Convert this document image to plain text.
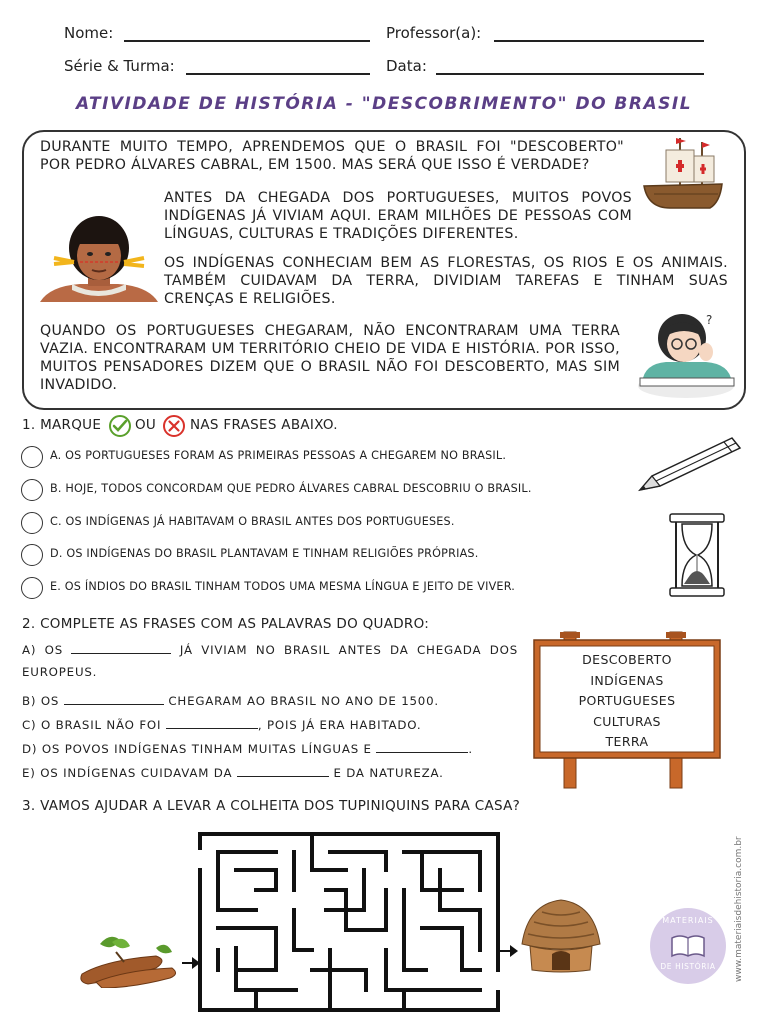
Nome:	Professor(a):
Série & Turma:	Data:
ATIVIDADE DE HISTÓRIA - "DESCOBRIMENTO" DO BRASIL
DURANTE MUITO TEMPO, APRENDEMOS QUE O BRASIL FOI "DESCOBERTO" POR PEDRO ÁLVARES CABRAL, EM 1500. MAS SERÁ QUE ISSO É VERDADE?
ANTES DA CHEGADA DOS PORTUGUESES, MUITOS POVOS INDÍGENAS JÁ VIVIAM AQUI. ERAM MILHÕES DE PESSOAS COM LÍNGUAS, CULTURAS E TRADIÇÕES DIFERENTES.
OS INDÍGENAS CONHECIAM BEM AS FLORESTAS, OS RIOS E OS ANIMAIS. TAMBÉM CUIDAVAM DA TERRA, DIVIDIAM TAREFAS E TINHAM SUAS CRENÇAS E RELIGIÕES.
QUANDO OS PORTUGUESES CHEGARAM, NÃO ENCONTRARAM UMA TERRA VAZIA. ENCONTRARAM UM TERRITÓRIO CHEIO DE VIDA E HISTÓRIA. POR ISSO, MUITOS PENSADORES DIZEM QUE O BRASIL NÃO FOI DESCOBERTO, MAS SIM INVADIDO.
?
1. MARQUE	OU	NAS FRASES ABAIXO.
A. OS PORTUGUESES FORAM AS PRIMEIRAS PESSOAS A CHEGAREM NO BRASIL.
B. HOJE, TODOS CONCORDAM QUE PEDRO ÁLVARES CABRAL DESCOBRIU O BRASIL.
C. OS INDÍGENAS JÁ HABITAVAM O BRASIL ANTES DOS PORTUGUESES.
D. OS INDÍGENAS DO BRASIL PLANTAVAM E TINHAM RELIGIÕES PRÓPRIAS.
E. OS ÍNDIOS DO BRASIL TINHAM TODOS UMA MESMA LÍNGUA E JEITO DE VIVER.
2. COMPLETE AS FRASES COM AS PALAVRAS DO QUADRO:
A) OS	JÁ VIVIAM NO BRASIL ANTES DA CHEGADA DOS EUROPEUS.
B) OS	CHEGARAM AO BRASIL NO ANO DE 1500.
C) O BRASIL NÃO FOI	, POIS JÁ ERA HABITADO.
D) OS POVOS INDÍGENAS TINHAM MUITAS LÍNGUAS E	.
E) OS INDÍGENAS CUIDAVAM DA	E DA NATUREZA.
DESCOBERTO
INDÍGENAS
PORTUGUESES
CULTURAS
TERRA
3. VAMOS AJUDAR A LEVAR A COLHEITA DOS TUPINIQUINS PARA CASA?
MATERIAIS
DE HISTÓRIA	www.materiaisdehistoria.com.br
